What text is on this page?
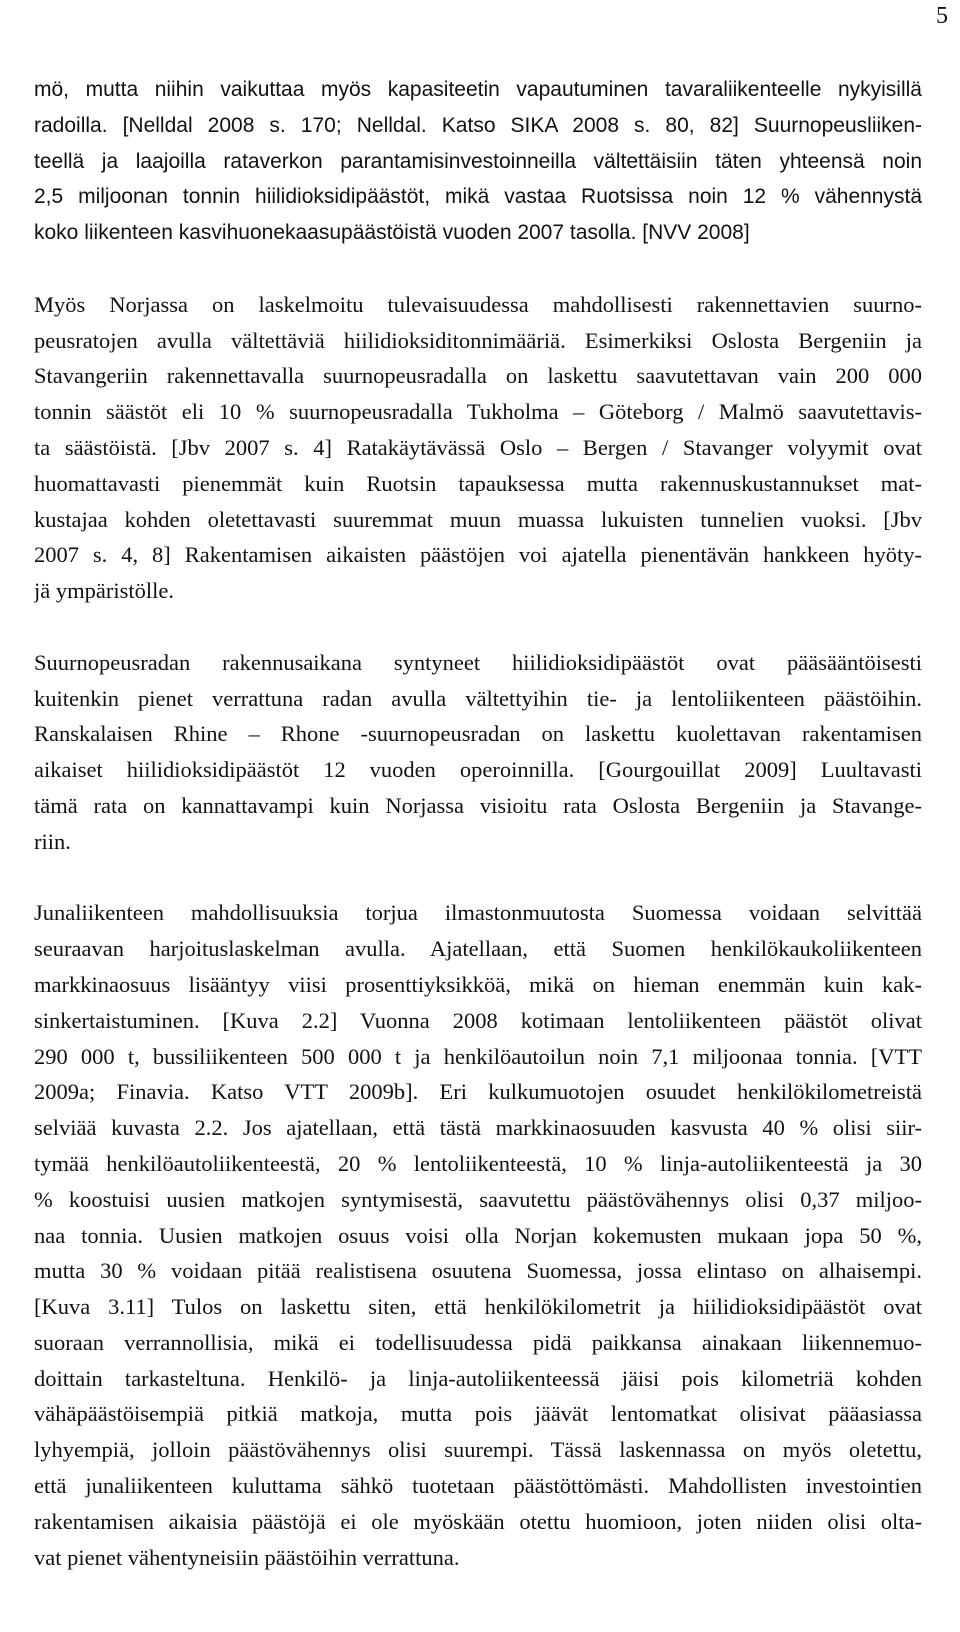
5
mö, mutta niihin vaikuttaa myös kapasiteetin vapautuminen tavaraliikenteelle nykyisillä
radoilla. [Nelldal 2008 s. 170; Nelldal. Katso SIKA 2008 s. 80, 82] Suurnopeusliiken-
teellä ja laajoilla rataverkon parantamisinvestoinneilla vältettäisiin täten yhteensä noin
2,5 miljoonan tonnin hiilidioksidipäästöt, mikä vastaa Ruotsissa noin 12 % vähennystä
koko liikenteen kasvihuonekaasupäästöistä vuoden 2007 tasolla. [NVV 2008]
Myös Norjassa on laskelmoitu tulevaisuudessa mahdollisesti rakennettavien suurno-
peusratojen avulla vältettäviä hiilidioksiditonnimääriä. Esimerkiksi Oslosta Bergeniin ja
Stavangeriin rakennettavalla suurnopeusradalla on laskettu saavutettavan vain 200 000
tonnin säästöt eli 10 % suurnopeusradalla Tukholma – Göteborg / Malmö saavutettavis-
ta säästöistä. [Jbv 2007 s. 4] Ratakäytävässä Oslo – Bergen / Stavanger volyymit ovat
huomattavasti pienemmät kuin Ruotsin tapauksessa mutta rakennuskustannukset mat-
kustajaa kohden oletettavasti suuremmat muun muassa lukuisten tunnelien vuoksi. [Jbv
2007 s. 4, 8] Rakentamisen aikaisten päästöjen voi ajatella pienentävän hankkeen hyöty-
jä ympäristölle.
Suurnopeusradan rakennusaikana syntyneet hiilidioksidipäästöt ovat pääsääntöisesti
kuitenkin pienet verrattuna radan avulla vältettyihin tie- ja lentoliikenteen päästöihin.
Ranskalaisen Rhine – Rhone -suurnopeusradan on laskettu kuolettavan rakentamisen
aikaiset hiilidioksidipäästöt 12 vuoden operoinnilla. [Gourgouillat 2009] Luultavasti
tämä rata on kannattavampi kuin Norjassa visioitu rata Oslosta Bergeniin ja Stavange-
riin.
Junaliikenteen mahdollisuuksia torjua ilmastonmuutosta Suomessa voidaan selvittää
seuraavan harjoituslaskelman avulla. Ajatellaan, että Suomen henkilökaukoliikenteen
markkinaosuus lisääntyy viisi prosenttiyksikköä, mikä on hieman enemmän kuin kak-
sinkertaistuminen. [Kuva 2.2] Vuonna 2008 kotimaan lentoliikenteen päästöt olivat
290 000 t, bussiliikenteen 500 000 t ja henkilöautoilun noin 7,1 miljoonaa tonnia. [VTT
2009a; Finavia. Katso VTT 2009b]. Eri kulkumuotojen osuudet henkilökilometreistä
selviää kuvasta 2.2. Jos ajatellaan, että tästä markkinaosuuden kasvusta 40 % olisi siir-
tymää henkilöautoliikenteestä, 20 % lentoliikenteestä, 10 % linja-autoliikenteestä ja 30
% koostuisi uusien matkojen syntymisestä, saavutettu päästövähennys olisi 0,37 miljoo-
naa tonnia. Uusien matkojen osuus voisi olla Norjan kokemusten mukaan jopa 50 %,
mutta 30 % voidaan pitää realistisena osuutena Suomessa, jossa elintaso on alhaisempi.
[Kuva 3.11] Tulos on laskettu siten, että henkilökilometrit ja hiilidioksidipäästöt ovat
suoraan verrannollisia, mikä ei todellisuudessa pidä paikkansa ainakaan liikennemuo-
doittain tarkasteltuna. Henkilö- ja linja-autoliikenteessä jäisi pois kilometriä kohden
vähäpäästöisempiä pitkiä matkoja, mutta pois jäävät lentomatkat olisivat pääasiassa
lyhyempiä, jolloin päästövähennys olisi suurempi. Tässä laskennassa on myös oletettu,
että junaliikenteen kuluttama sähkö tuotetaan päästöttömästi. Mahdollisten investointien
rakentamisen aikaisia päästöjä ei ole myöskään otettu huomioon, joten niiden olisi olta-
vat pienet vähentyneisiin päästöihin verrattuna.
